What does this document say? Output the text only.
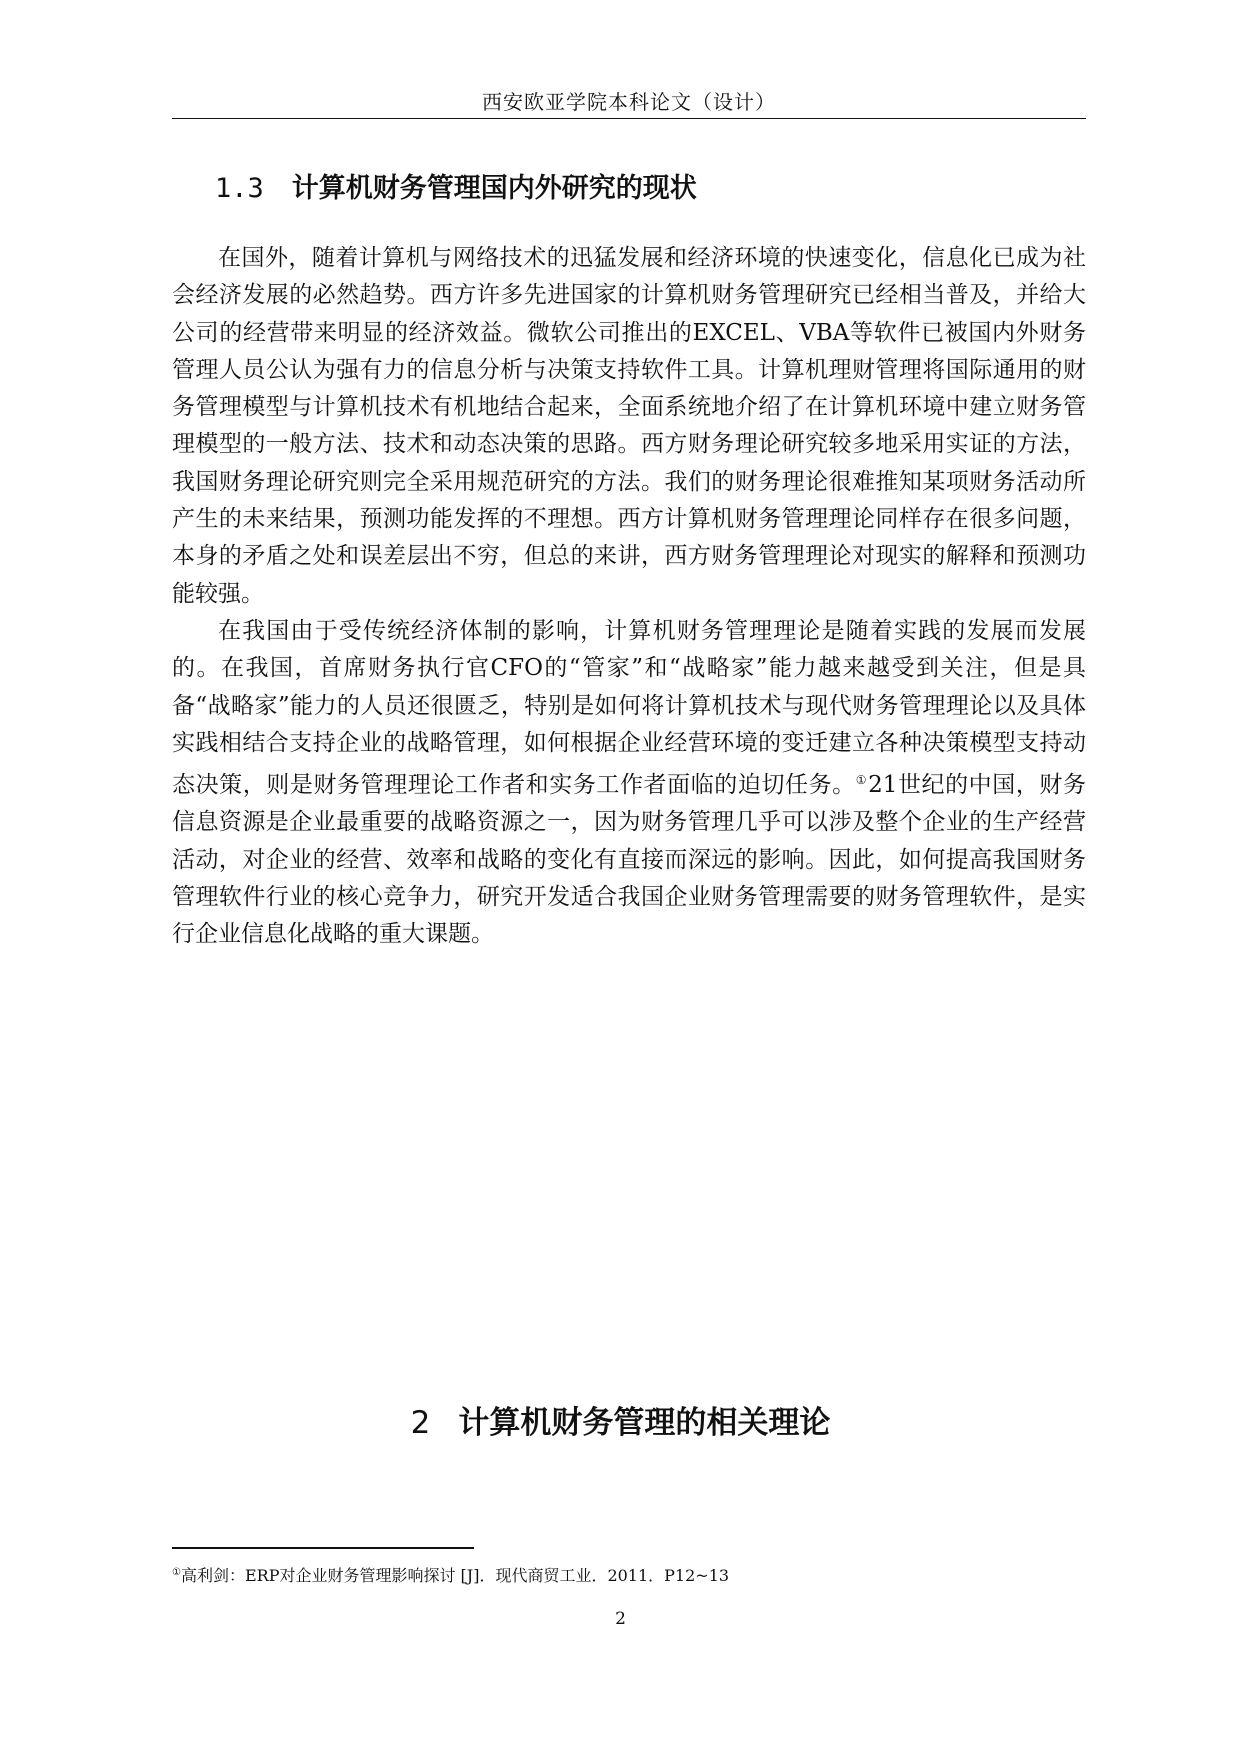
西安欧亚学院本科论文（设计）
1.3 计算机财务管理国内外研究的现状

在国外，随着计算机与网络技术的迅猛发展和经济环境的快速变化，信息化已成为社会经济发展的必然趋势。西方许多先进国家的计算机财务管理研究已经相当普及，并给大公司的经营带来明显的经济效益。微软公司推出的EXCEL、VBA等软件已被国内外财务管理人员公认为强有力的信息分析与决策支持软件工具。计算机理财管理将国际通用的财务管理模型与计算机技术有机地结合起来，全面系统地介绍了在计算机环境中建立财务管理模型的一般方法、技术和动态决策的思路。西方财务理论研究较多地采用实证的方法，我国财务理论研究则完全采用规范研究的方法。我们的财务理论很难推知某项财务活动所产生的未来结果，预测功能发挥的不理想。西方计算机财务管理理论同样存在很多问题，本身的矛盾之处和误差层出不穷，但总的来讲，西方财务管理理论对现实的解释和预测功能较强。

在我国由于受传统经济体制的影响，计算机财务管理理论是随着实践的发展而发展的。在我国，首席财务执行官CFO的“管家”和“战略家”能力越来越受到关注，但是具备“战略家”能力的人员还很匮乏，特别是如何将计算机技术与现代财务管理理论以及具体实践相结合支持企业的战略管理，如何根据企业经营环境的变迁建立各种决策模型支持动态决策，则是财务管理理论工作者和实务工作者面临的迫切任务。①21世纪的中国，财务信息资源是企业最重要的战略资源之一，因为财务管理几乎可以涉及整个企业的生产经营活动，对企业的经营、效率和战略的变化有直接而深远的影响。因此，如何提高我国财务管理软件行业的核心竞争力，研究开发适合我国企业财务管理需要的财务管理软件，是实行企业信息化战略的重大课题。

2 计算机财务管理的相关理论
①高利剑：ERP对企业财务管理影响探讨 [J]．现代商贸工业．2011．P12~13
2
